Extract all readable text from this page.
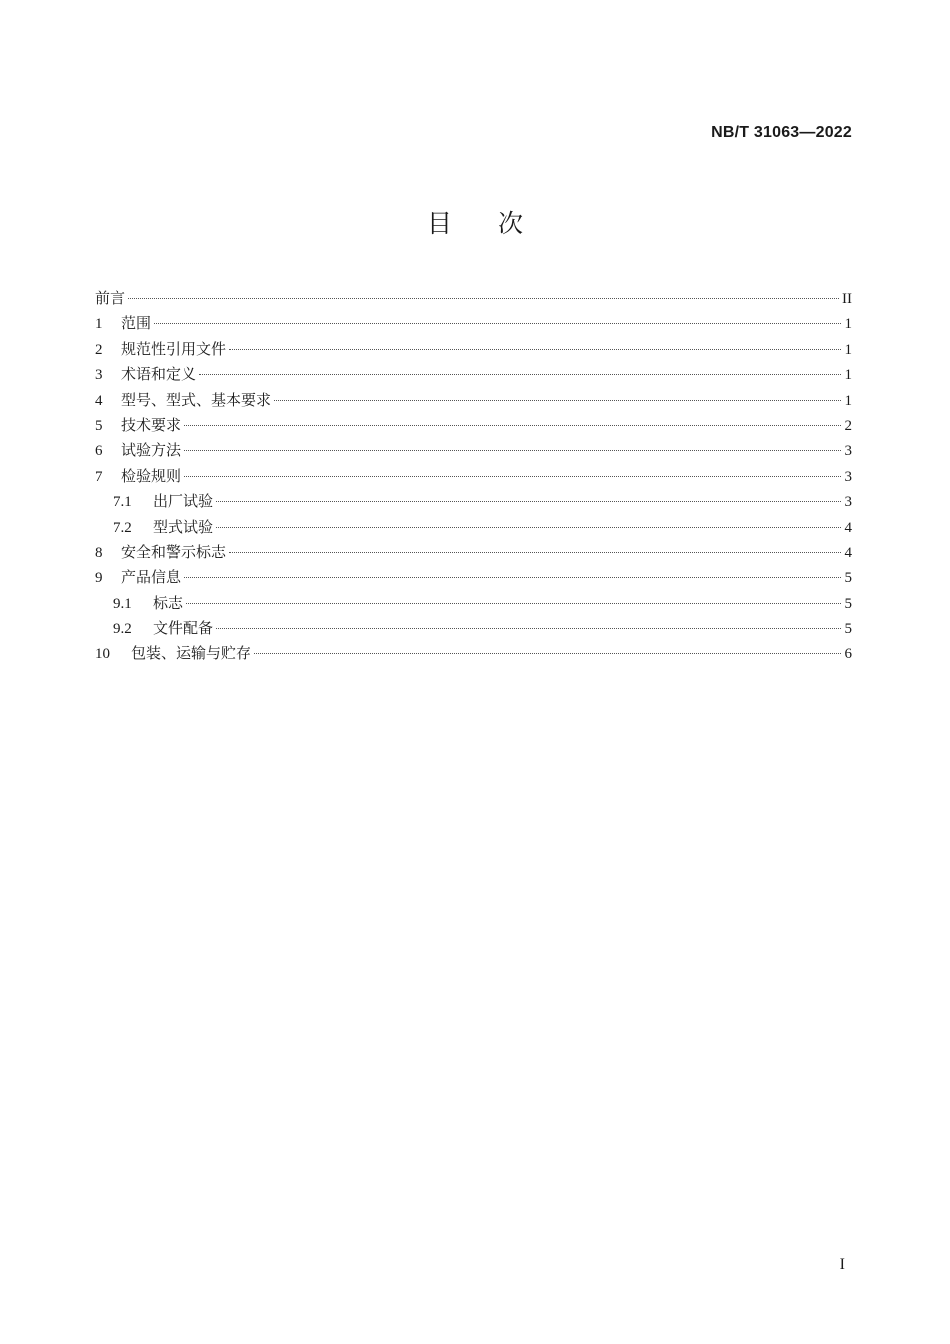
NB/T 31063—2022
目 次
前言	II
1	范围	1
2	规范性引用文件	1
3	术语和定义	1
4	型号、型式、基本要求	1
5	技术要求	2
6	试验方法	3
7	检验规则	3
7.1	出厂试验	3
7.2	型式试验	4
8	安全和警示标志	4
9	产品信息	5
9.1	标志	5
9.2	文件配备	5
10	包装、运输与贮存	6
I
